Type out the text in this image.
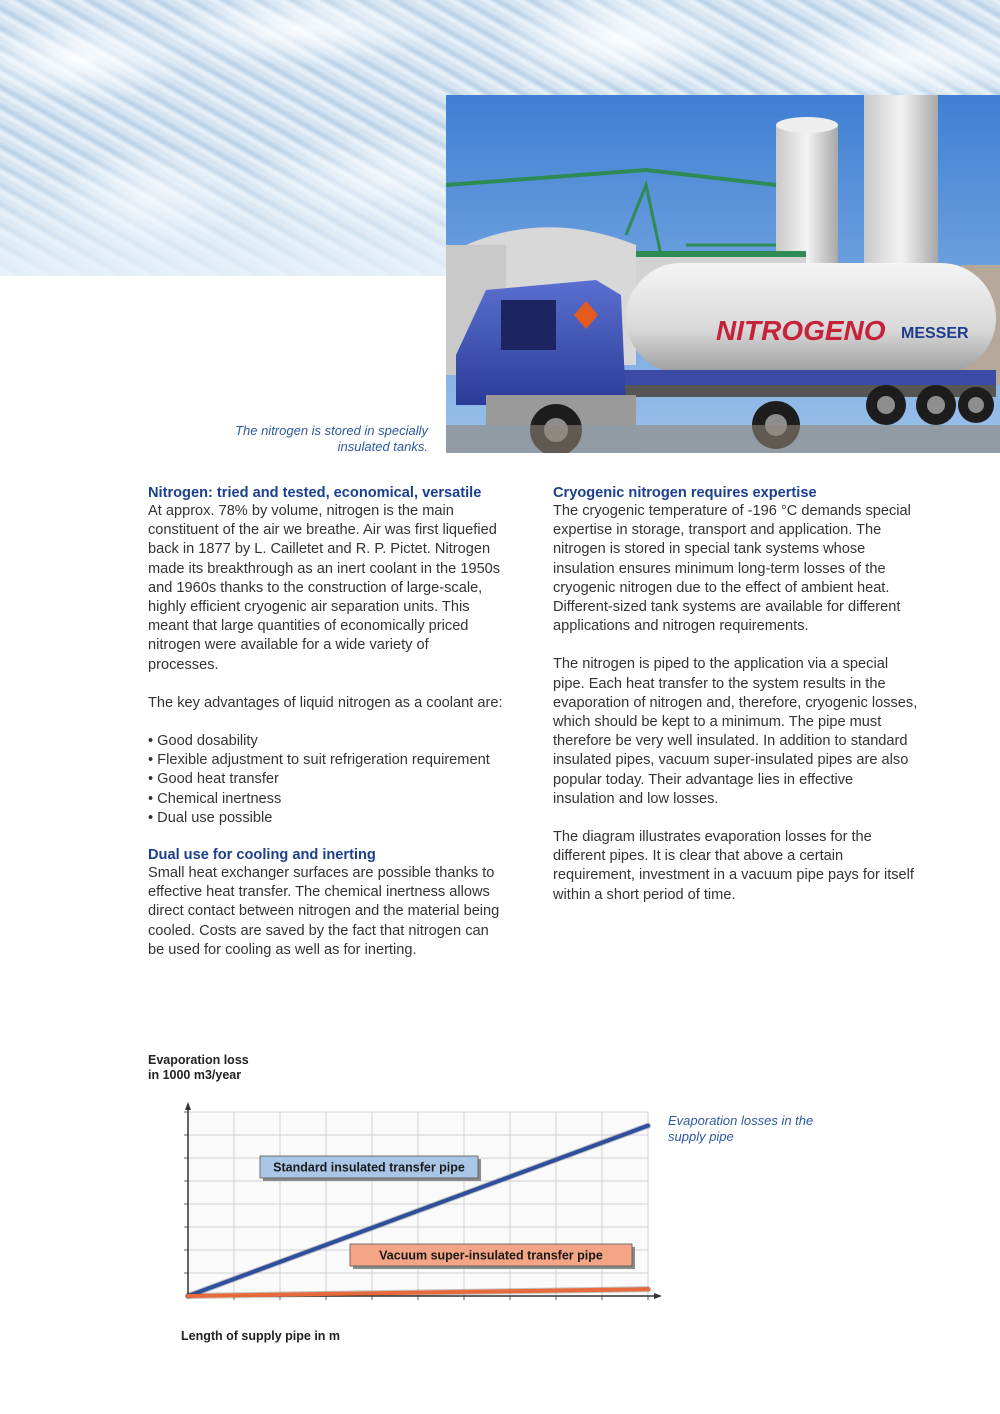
NITROGENO MESSER
The nitrogen is stored in specially insulated tanks.
Nitrogen: tried and tested, economical, versatile

At approx. 78% by volume, nitrogen is the main constituent of the air we breathe. Air was first liquefied back in 1877 by L. Cailletet and R. P. Pictet. Nitrogen made its breakthrough as an inert coolant in the 1950s and 1960s thanks to the construction of large-scale, highly efficient cryogenic air separation units. This meant that large quantities of economically priced nitrogen were available for a wide variety of processes.

The key advantages of liquid nitrogen as a coolant are:

• Good dosability
• Flexible adjustment to suit refrigeration requirement
• Good heat transfer
• Chemical inertness
• Dual use possible
Dual use for cooling and inerting

Small heat exchanger surfaces are possible thanks to effective heat transfer. The chemical inertness allows direct contact between nitrogen and the material being cooled. Costs are saved by the fact that nitrogen can be used for cooling as well as for inerting.

Cryogenic nitrogen requires expertise

The cryogenic temperature of -196 °C demands special expertise in storage, transport and application. The nitrogen is stored in special tank systems whose insulation ensures minimum long-term losses of the cryogenic nitrogen due to the effect of ambient heat. Different-sized tank systems are available for different applications and nitrogen requirements.

The nitrogen is piped to the application via a special pipe. Each heat transfer to the system results in the evaporation of nitrogen and, therefore, cryogenic losses, which should be kept to a minimum. The pipe must therefore be very well insulated. In addition to standard insulated pipes, vacuum super-insulated pipes are also popular today. Their advantage lies in effective insulation and low losses.

The diagram illustrates evaporation losses for the different pipes. It is clear that above a certain requirement, investment in a vacuum pipe pays for itself within a short period of time.

Evaporation loss
in 1000 m3/year
Evaporation losses in the supply pipe
Standard insulated transfer pipe
Vacuum super-insulated transfer pipe
Length of supply pipe in m
